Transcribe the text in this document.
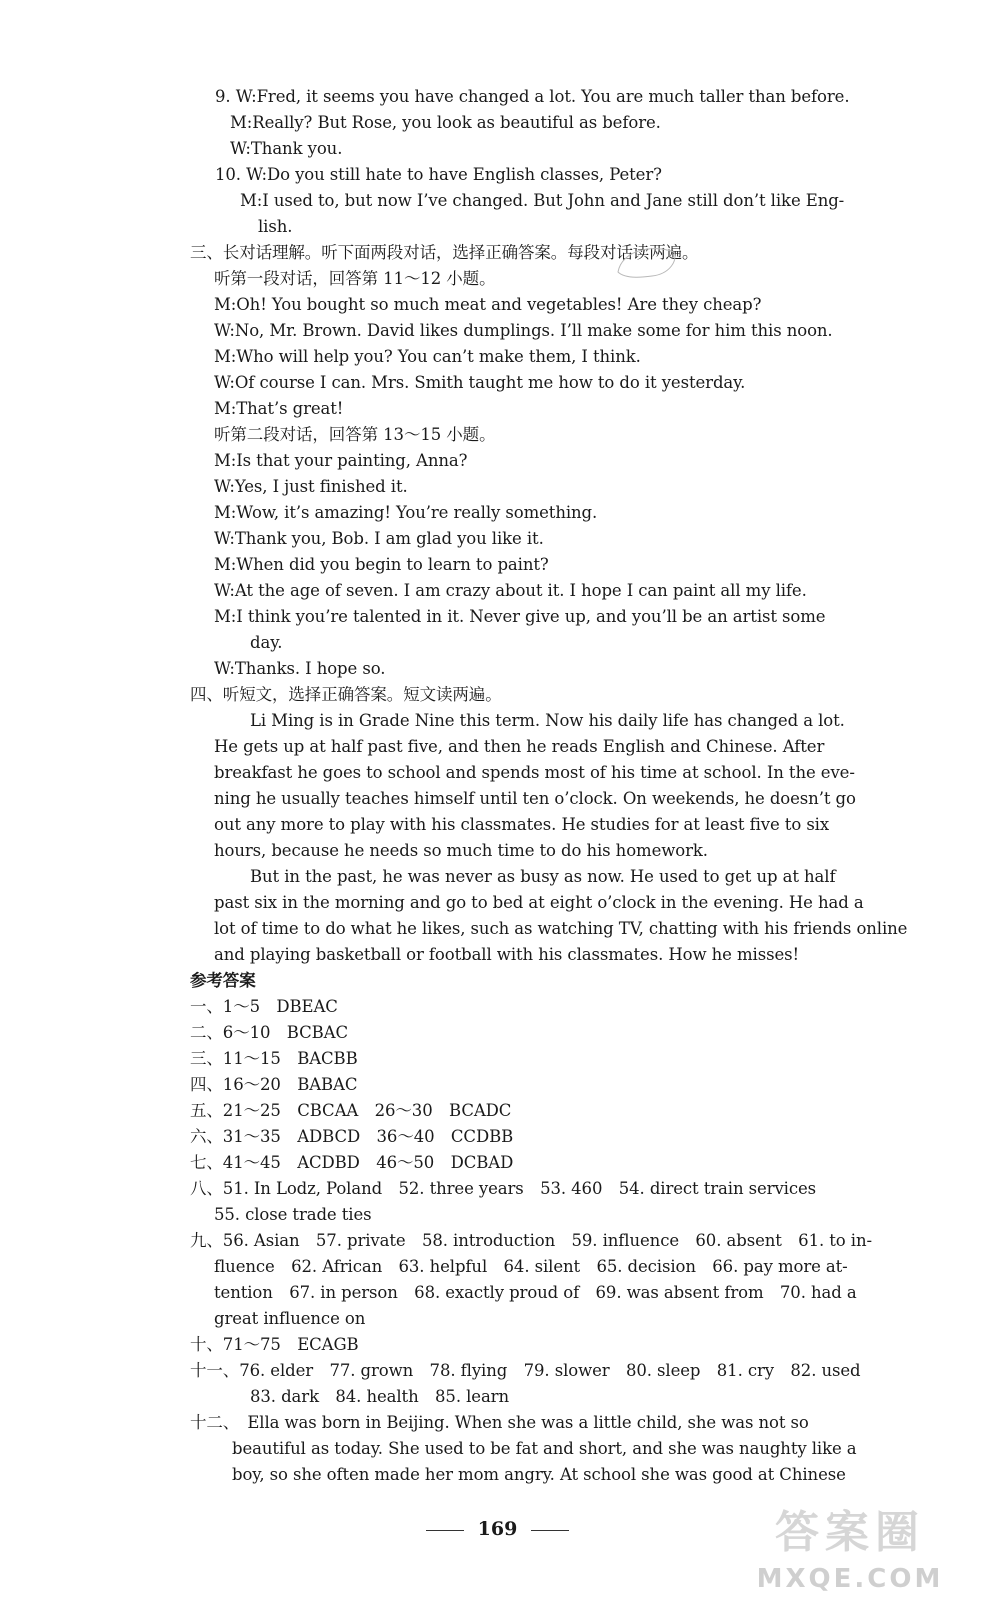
9. W:Fred, it seems you have changed a lot. You are much taller than before.
M:Really? But Rose, you look as beautiful as before.
W:Thank you.
10. W:Do you still hate to have English classes, Peter?
M:I used to, but now I’ve changed. But John and Jane still don’t like Eng-
lish.
三、长对话理解。听下面两段对话，选择正确答案。每段对话读两遍。
听第一段对话，回答第 11～12 小题。
M:Oh! You bought so much meat and vegetables! Are they cheap?
W:No, Mr. Brown. David likes dumplings. I’ll make some for him this noon.
M:Who will help you? You can’t make them, I think.
W:Of course I can. Mrs. Smith taught me how to do it yesterday.
M:That’s great!
听第二段对话，回答第 13～15 小题。
M:Is that your painting, Anna?
W:Yes, I just finished it.
M:Wow, it’s amazing! You’re really something.
W:Thank you, Bob. I am glad you like it.
M:When did you begin to learn to paint?
W:At the age of seven. I am crazy about it. I hope I can paint all my life.
M:I think you’re talented in it. Never give up, and you’ll be an artist some
day.
W:Thanks. I hope so.
四、听短文，选择正确答案。短文读两遍。
Li Ming is in Grade Nine this term. Now his daily life has changed a lot.
He gets up at half past five, and then he reads English and Chinese. After
breakfast he goes to school and spends most of his time at school. In the eve-
ning he usually teaches himself until ten o’clock. On weekends, he doesn’t go
out any more to play with his classmates. He studies for at least five to six
hours, because he needs so much time to do his homework.
But in the past, he was never as busy as now. He used to get up at half
past six in the morning and go to bed at eight o’clock in the evening. He had a
lot of time to do what he likes, such as watching TV, chatting with his friends online
and playing basketball or football with his classmates. How he misses!
参考答案
一、1～5　DBEAC
二、6～10　BCBAC
三、11～15　BACBB
四、16～20　BABAC
五、21～25　CBCAA　26～30　BCADC
六、31～35　ADBCD　36～40　CCDBB
七、41～45　ACDBD　46～50　DCBAD
八、51. In Lodz, Poland　52. three years　53. 460　54. direct train services
55. close trade ties
九、56. Asian　57. private　58. introduction　59. influence　60. absent　61. to in-
fluence　62. African　63. helpful　64. silent　65. decision　66. pay more at-
tention　67. in person　68. exactly proud of　69. was absent from　70. had a
great influence on
十、71～75　ECAGB
十一、76. elder　77. grown　78. flying　79. slower　80. sleep　81. cry　82. used
83. dark　84. health　85. learn
十二、　Ella was born in Beijing. When she was a little child, she was not so
beautiful as today. She used to be fat and short, and she was naughty like a
boy, so she often made her mom angry. At school she was good at Chinese
169	答案圈
MXQE.COM
